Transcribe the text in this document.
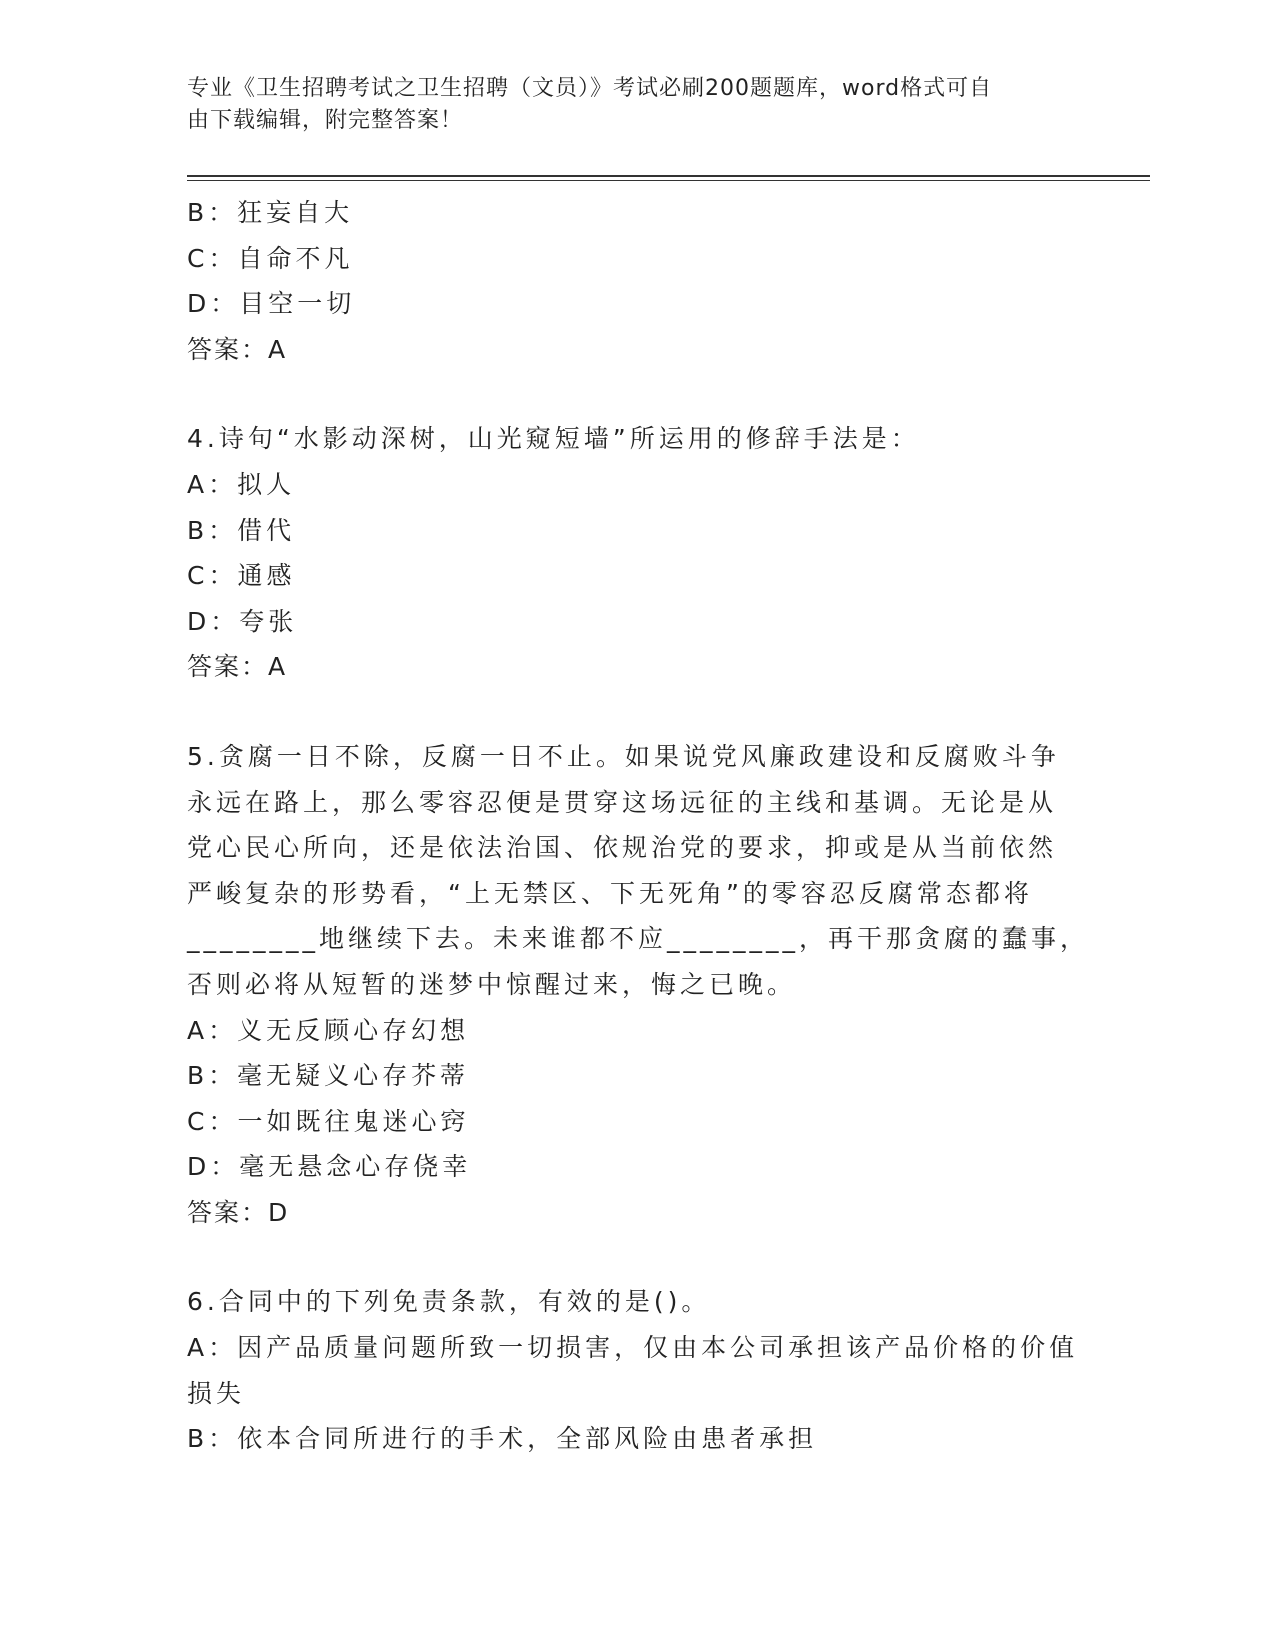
专业《卫生招聘考试之卫生招聘（文员）》考试必刷200题题库，word格式可自
由下载编辑，附完整答案！
B：狂妄自大
C：自命不凡
D：目空一切
答案：A
4.诗句“水影动深树，山光窥短墙”所运用的修辞手法是：
A：拟人
B：借代
C：通感
D：夸张
答案：A
5.贪腐一日不除，反腐一日不止。如果说党风廉政建设和反腐败斗争
永远在路上，那么零容忍便是贯穿这场远征的主线和基调。无论是从
党心民心所向，还是依法治国、依规治党的要求，抑或是从当前依然
严峻复杂的形势看，“上无禁区、下无死角”的零容忍反腐常态都将
________地继续下去。未来谁都不应________，再干那贪腐的蠢事，
否则必将从短暂的迷梦中惊醒过来，悔之已晚。
A：义无反顾心存幻想
B：毫无疑义心存芥蒂
C：一如既往鬼迷心窍
D：毫无悬念心存侥幸
答案：D
6.合同中的下列免责条款，有效的是()。
A：因产品质量问题所致一切损害，仅由本公司承担该产品价格的价值
损失
B：依本合同所进行的手术，全部风险由患者承担
